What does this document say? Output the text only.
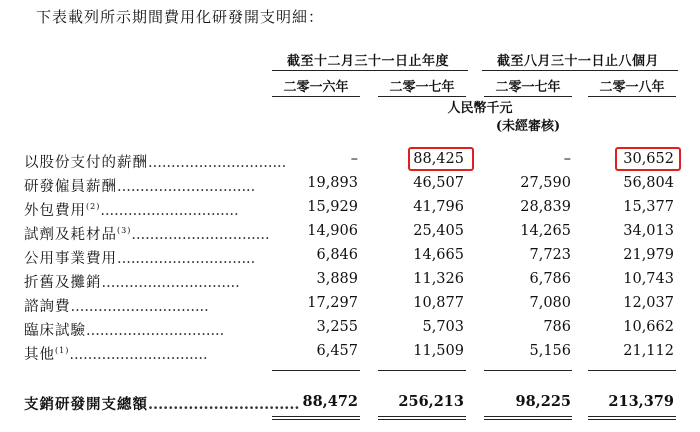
下表載列所示期間費用化研發開支明細：
截至十二月三十一日止年度	截至八月三十一日止八個月
二零一六年	二零一七年	二零一七年	二零一八年
人民幣千元
(未經審核)
以股份支付的薪酬..............................	–	88,425	–	30,652
研發僱員薪酬..............................	19,893	46,507	27,590	56,804
外包費用$^{(2)}$..............................	15,929	41,796	28,839	15,377
試劑及耗材品$^{(3)}$..............................	14,906	25,405	14,265	34,013
公用事業費用..............................	6,846	14,665	7,723	21,979
折舊及攤銷..............................	3,889	11,326	6,786	10,743
諮詢費..............................	17,297	10,877	7,080	12,037
臨床試驗..............................	3,255	5,703	786	10,662
其他$^{(1)}$..............................	6,457	11,509	5,156	21,112
支銷研發開支總額.............................. 88,472	256,213	98,225	213,379
